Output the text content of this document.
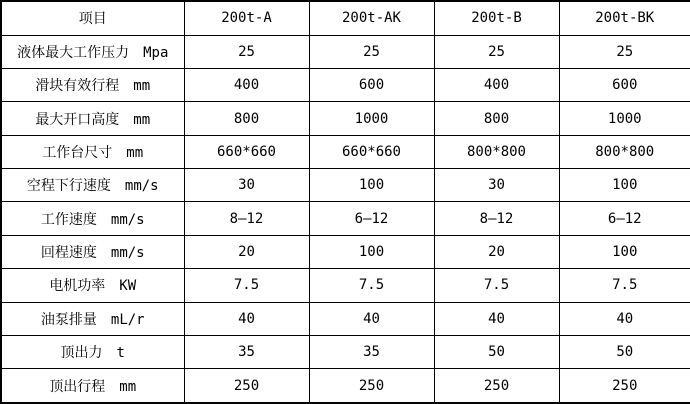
项目	200t-A	200t-AK	200t-B	200t-BK
液体最大工作压力　Mpa	25	25	25	25
滑块有效行程　mm	400	600	400	600
最大开口高度　mm	800	1000	800	1000
工作台尺寸　mm	660*660	660*660	800*800	800*800
空程下行速度　mm/s	30	100	30	100
工作速度　mm/s	8—12	6—12	8—12	6—12
回程速度　mm/s	20	100	20	100
电机功率　KW	7.5	7.5	7.5	7.5
油泵排量　mL/r	40	40	40	40
顶出力　t	35	35	50	50
顶出行程　mm	250	250	250	250
